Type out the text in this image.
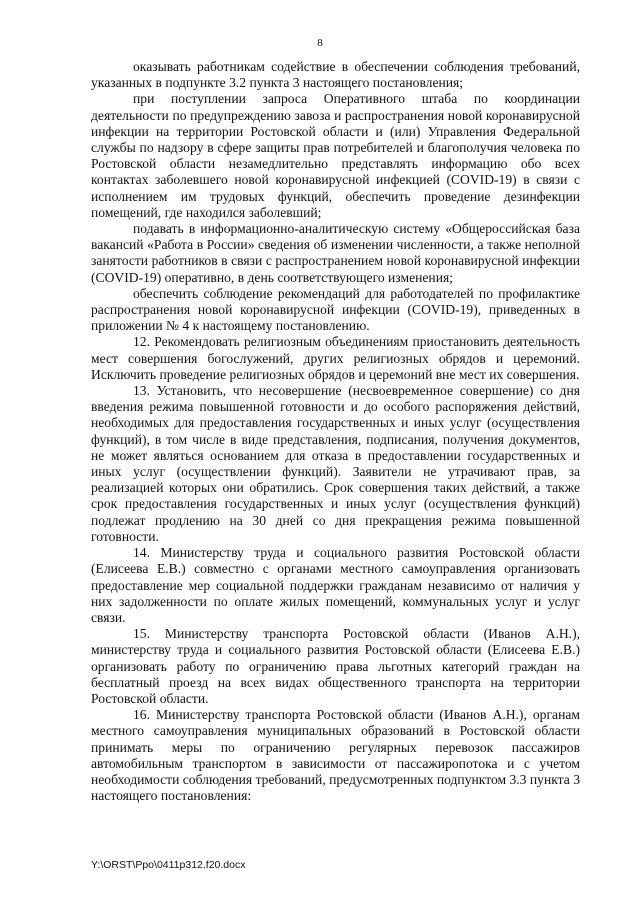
8

оказывать работникам содействие в обеспечении соблюдения требований, указанных в подпункте 3.2 пункта 3 настоящего постановления;

при поступлении запроса Оперативного штаба по координации деятельности по предупреждению завоза и распространения новой коронавирусной инфекции на территории Ростовской области и (или) Управления Федеральной службы по надзору в сфере защиты прав потребителей и благополучия человека по Ростовской области незамедлительно представлять информацию обо всех контактах заболевшего новой коронавирусной инфекцией (COVID-19) в связи с исполнением им трудовых функций, обеспечить проведение дезинфекции помещений, где находился заболевший;

подавать в информационно-аналитическую систему «Общероссийская база вакансий «Работа в России» сведения об изменении численности, а также неполной занятости работников в связи с распространением новой коронавирусной инфекции (COVID-19) оперативно, в день соответствующего изменения;

обеспечить соблюдение рекомендаций для работодателей по профилактике распространения новой коронавирусной инфекции (COVID-19), приведенных в приложении № 4 к настоящему постановлению.

12. Рекомендовать религиозным объединениям приостановить деятельность мест совершения богослужений, других религиозных обрядов и церемоний. Исключить проведение религиозных обрядов и церемоний вне мест их совершения.

13. Установить, что несовершение (несвоевременное совершение) со дня введения режима повышенной готовности и до особого распоряжения действий, необходимых для предоставления государственных и иных услуг (осуществления функций), в том числе в виде представления, подписания, получения документов, не может являться основанием для отказа в предоставлении государственных и иных услуг (осуществлении функций). Заявители не утрачивают прав, за реализацией которых они обратились. Срок совершения таких действий, а также срок предоставления государственных и иных услуг (осуществления функций) подлежат продлению на 30 дней со дня прекращения режима повышенной готовности.

14. Министерству труда и социального развития Ростовской области (Елисеева Е.В.) совместно с органами местного самоуправления организовать предоставление мер социальной поддержки гражданам независимо от наличия у них задолженности по оплате жилых помещений, коммунальных услуг и услуг связи.

15. Министерству транспорта Ростовской области (Иванов А.Н.), министерству труда и социального развития Ростовской области (Елисеева Е.В.) организовать работу по ограничению права льготных категорий граждан на бесплатный проезд на всех видах общественного транспорта на территории Ростовской области.

16. Министерству транспорта Ростовской области (Иванов А.Н.), органам местного самоуправления муниципальных образований в Ростовской области принимать меры по ограничению регулярных перевозок пассажиров автомобильным транспортом в зависимости от пассажиропотока и с учетом необходимости соблюдения требований, предусмотренных подпунктом 3.3 пункта 3 настоящего постановления:

Y:\ORST\Ppo\0411p312.f20.docx
